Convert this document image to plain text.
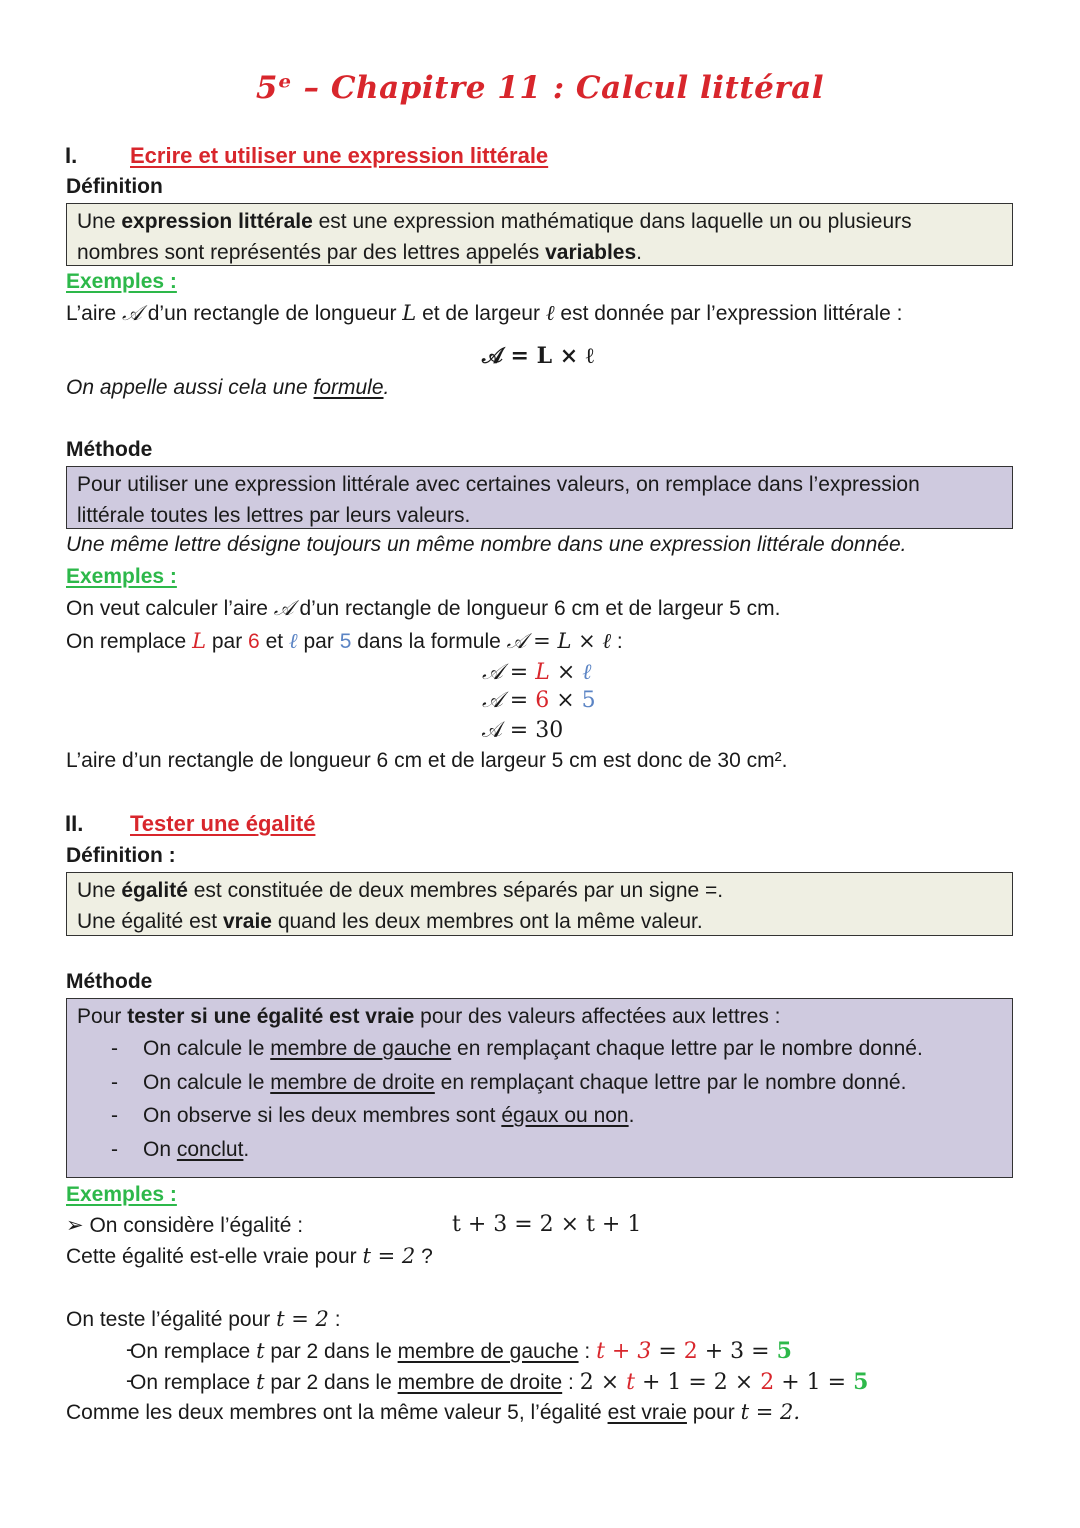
5ᵉ – Chapitre 11 : Calcul littéral
I. Ecrire et utiliser une expression littérale
Définition
Une expression littérale est une expression mathématique dans laquelle un ou plusieurs
nombres sont représentés par des lettres appelés variables.
Exemples :
L’aire 𝒜 d’un rectangle de longueur L et de largeur ℓ est donnée par l’expression littérale :
𝒜 = L × ℓ
On appelle aussi cela une formule.
Méthode
Pour utiliser une expression littérale avec certaines valeurs, on remplace dans l’expression
littérale toutes les lettres par leurs valeurs.
Une même lettre désigne toujours un même nombre dans une expression littérale donnée.
Exemples :
On veut calculer l’aire 𝒜 d’un rectangle de longueur 6 cm et de largeur 5 cm.
On remplace L par 6 et ℓ par 5 dans la formule 𝒜 = L × ℓ :
𝒜 = L × ℓ
𝒜 = 6 × 5
𝒜 = 30
L’aire d’un rectangle de longueur 6 cm et de largeur 5 cm est donc de 30 cm².
II. Tester une égalité
Définition :
Une égalité est constituée de deux membres séparés par un signe =.
Une égalité est vraie quand les deux membres ont la même valeur.
Méthode
Pour tester si une égalité est vraie pour des valeurs affectées aux lettres :
- On calcule le membre de gauche en remplaçant chaque lettre par le nombre donné.
- On calcule le membre de droite en remplaçant chaque lettre par le nombre donné.
- On observe si les deux membres sont égaux ou non.
- On conclut.
Exemples :
➢ On considère l’égalité :	t + 3 = 2 × t + 1
Cette égalité est-elle vraie pour t = 2 ?
On teste l’égalité pour t = 2 :
- On remplace t par 2 dans le membre de gauche : t + 3 = 2 + 3 = 5
- On remplace t par 2 dans le membre de droite : 2 × t + 1 = 2 × 2 + 1 = 5
Comme les deux membres ont la même valeur 5, l’égalité est vraie pour t = 2.
